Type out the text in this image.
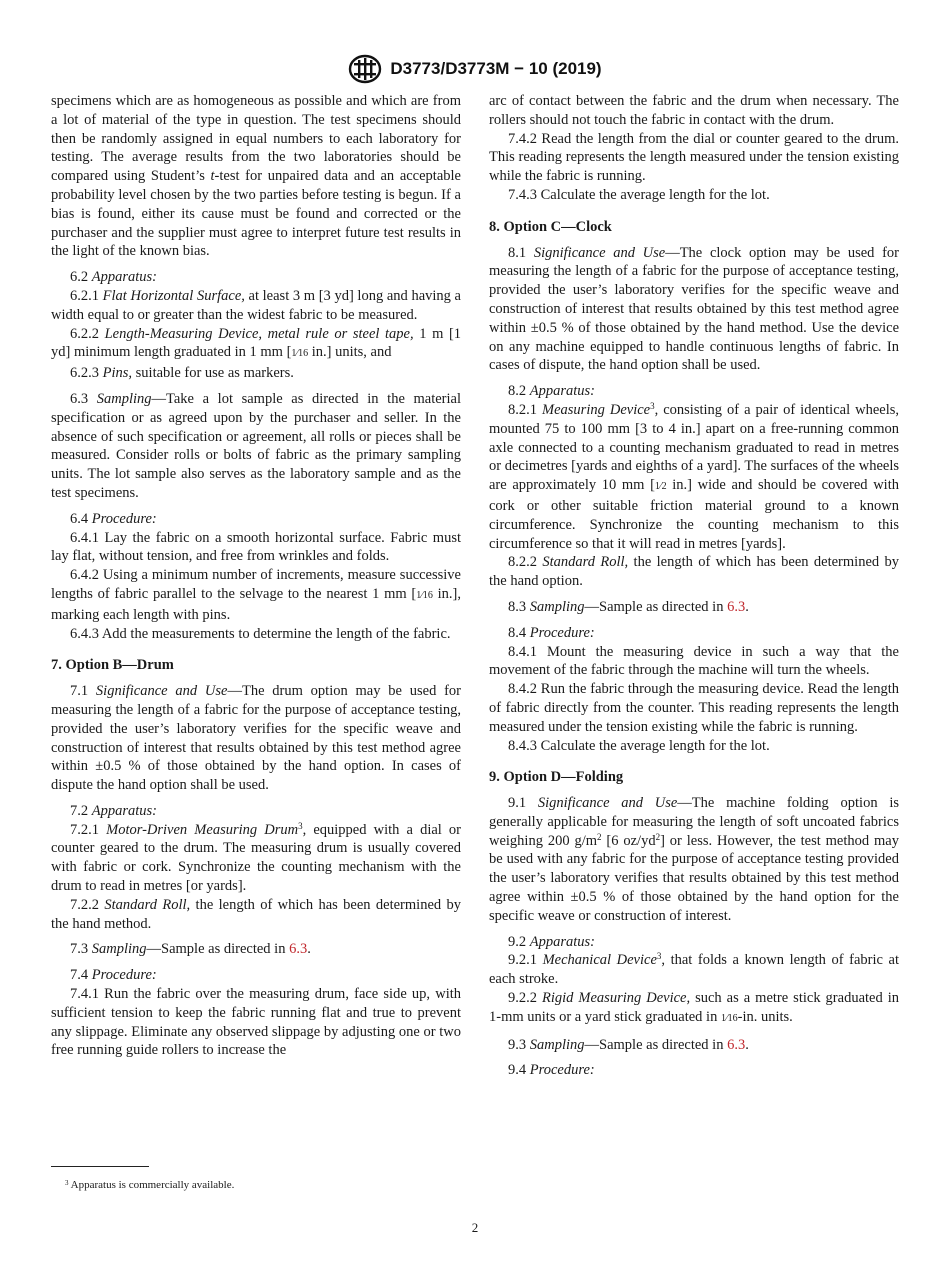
D3773/D3773M − 10 (2019)

specimens which are as homogeneous as possible and which are from a lot of material of the type in question. The test specimens should then be randomly assigned in equal numbers to each laboratory for testing. The average results from the two laboratories should be compared using Student’s t-test for unpaired data and an acceptable probability level chosen by the two parties before testing is begun. If a bias is found, either its cause must be found and corrected or the purchaser and the supplier must agree to interpret future test results in the light of the known bias.

6.2 Apparatus:

6.2.1 Flat Horizontal Surface, at least 3 m [3 yd] long and having a width equal to or greater than the widest fabric to be measured.

6.2.2 Length-Measuring Device, metal rule or steel tape, 1 m [1 yd] minimum length graduated in 1 mm [1⁄16 in.] units, and

6.2.3 Pins, suitable for use as markers.

6.3 Sampling—Take a lot sample as directed in the material specification or as agreed upon by the purchaser and seller. In the absence of such specification or agreement, all rolls or pieces shall be measured. Consider rolls or bolts of fabric as the primary sampling units. The lot sample also serves as the laboratory sample and as the test specimens.

6.4 Procedure:

6.4.1 Lay the fabric on a smooth horizontal surface. Fabric must lay flat, without tension, and free from wrinkles and folds.

6.4.2 Using a minimum number of increments, measure successive lengths of fabric parallel to the selvage to the nearest 1 mm [1⁄16 in.], marking each length with pins.

6.4.3 Add the measurements to determine the length of the fabric.

7. Option B—Drum

7.1 Significance and Use—The drum option may be used for measuring the length of a fabric for the purpose of acceptance testing, provided the user’s laboratory verifies for the specific weave and construction of interest that results obtained by this test method agree within ±0.5 % of those obtained by the hand option. In cases of dispute the hand option shall be used.

7.2 Apparatus:

7.2.1 Motor-Driven Measuring Drum$^3$, equipped with a dial or counter geared to the drum. The measuring drum is usually covered with fabric or cork. Synchronize the counting mechanism with the drum to read in metres [or yards].

7.2.2 Standard Roll, the length of which has been determined by the hand method.

7.3 Sampling—Sample as directed in 6.3.

7.4 Procedure:

7.4.1 Run the fabric over the measuring drum, face side up, with sufficient tension to keep the fabric running flat and true to prevent any slippage. Eliminate any observed slippage by adjusting one or two free running guide rollers to increase the

arc of contact between the fabric and the drum when necessary. The rollers should not touch the fabric in contact with the drum.

7.4.2 Read the length from the dial or counter geared to the drum. This reading represents the length measured under the tension existing while the fabric is running.

7.4.3 Calculate the average length for the lot.

8. Option C—Clock

8.1 Significance and Use—The clock option may be used for measuring the length of a fabric for the purpose of acceptance testing, provided the user’s laboratory verifies for the specific weave and construction of interest that results obtained by this test method agree within ±0.5 % of those obtained by the hand method. Use the device on any machine equipped to handle continuous lengths of fabric. In cases of dispute, the hand option shall be used.

8.2 Apparatus:

8.2.1 Measuring Device$^3$, consisting of a pair of identical wheels, mounted 75 to 100 mm [3 to 4 in.] apart on a free-running common axle connected to a counting mechanism graduated to read in metres or decimetres [yards and eighths of a yard]. The surfaces of the wheels are approximately 10 mm [1⁄2 in.] wide and should be covered with cork or other suitable friction material ground to a known circumference. Synchronize the counting mechanism to this circumference so that it will read in metres [yards].

8.2.2 Standard Roll, the length of which has been determined by the hand option.

8.3 Sampling—Sample as directed in 6.3.

8.4 Procedure:

8.4.1 Mount the measuring device in such a way that the movement of the fabric through the machine will turn the wheels.

8.4.2 Run the fabric through the measuring device. Read the length of fabric directly from the counter. This reading represents the length measured under the tension existing while the fabric is running.

8.4.3 Calculate the average length for the lot.

9. Option D—Folding

9.1 Significance and Use—The machine folding option is generally applicable for measuring the length of soft uncoated fabrics weighing 200 $g/m^2$ [6 $oz/yd^2$] or less. However, the test method may be used with any fabric for the purpose of acceptance testing provided the user’s laboratory verifies that results obtained by this test method agree within ±0.5 % of those obtained by the hand option for the specific weave or construction of interest.

9.2 Apparatus:

9.2.1 Mechanical Device$^3$, that folds a known length of fabric at each stroke.

9.2.2 Rigid Measuring Device, such as a metre stick graduated in 1-mm units or a yard stick graduated in 1⁄16-in. units.

9.3 Sampling—Sample as directed in 6.3.

9.4 Procedure:

$^3$ Apparatus is commercially available.
2
